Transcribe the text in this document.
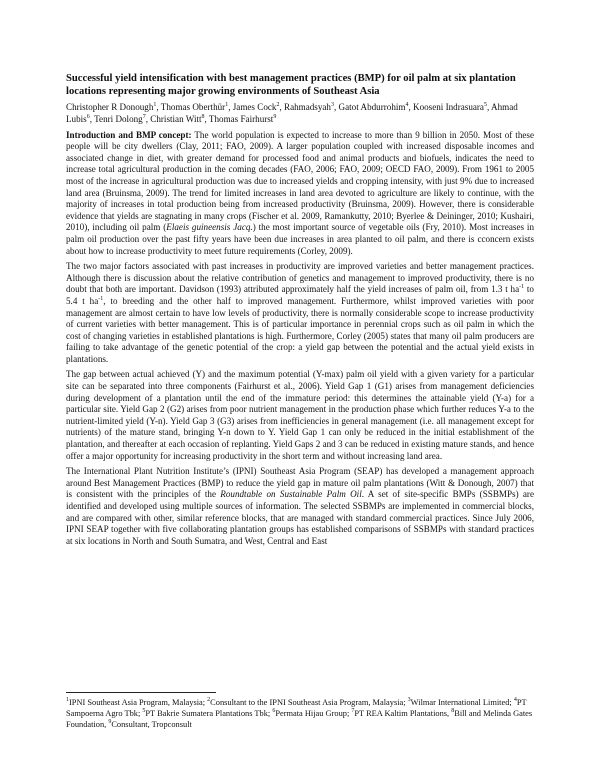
Successful yield intensification with best management practices (BMP) for oil palm at six plantation locations representing major growing environments of Southeast Asia
Christopher R Donough$^1$, Thomas Oberthür$^1$, James Cock$^2$, Rahmadsyah$^3$, Gatot Abdurrohim$^4$, Kooseni Indrasuara$^5$, Ahmad Lubis$^6$, Tenri Dolong$^7$, Christian Witt$^8$, Thomas Fairhurst$^9$

Introduction and BMP concept: The world population is expected to increase to more than 9 billion in 2050. Most of these people will be city dwellers (Clay, 2011; FAO, 2009). A larger population coupled with increased disposable incomes and associated change in diet, with greater demand for processed food and animal products and biofuels, indicates the need to increase total agricultural production in the coming decades (FAO, 2006; FAO, 2009; OECD FAO, 2009). From 1961 to 2005 most of the increase in agricultural production was due to increased yields and cropping intensity, with just 9% due to increased land area (Bruinsma, 2009). The trend for limited increases in land area devoted to agriculture are likely to continue, with the majority of increases in total production being from increased productivity (Bruinsma, 2009). However, there is considerable evidence that yields are stagnating in many crops (Fischer et al. 2009, Ramankutty, 2010; Byerlee & Deininger, 2010; Kushairi, 2010), including oil palm (Elaeis guineensis Jacq.) the most important source of vegetable oils (Fry, 2010). Most increases in palm oil production over the past fifty years have been due increases in area planted to oil palm, and there is cconcern exists about how to increase productivity to meet future requirements (Corley, 2009).

The two major factors associated with past increases in productivity are improved varieties and better management practices. Although there is discussion about the relative contribution of genetics and management to improved productivity, there is no doubt that both are important. Davidson (1993) attributed approximately half the yield increases of palm oil, from 1.3 t $ha^{-1}$ to 5.4 t $ha^{-1}$, to breeding and the other half to improved management. Furthermore, whilst improved varieties with poor management are almost certain to have low levels of productivity, there is normally considerable scope to increase productivity of current varieties with better management. This is of particular importance in perennial crops such as oil palm in which the cost of changing varieties in established plantations is high. Furthermore, Corley (2005) states that many oil palm producers are failing to take advantage of the genetic potential of the crop: a yield gap between the potential and the actual yield exists in plantations.

The gap between actual achieved (Y) and the maximum potential (Y-max) palm oil yield with a given variety for a particular site can be separated into three components (Fairhurst et al., 2006). Yield Gap 1 (G1) arises from management deficiencies during development of a plantation until the end of the immature period: this determines the attainable yield (Y-a) for a particular site. Yield Gap 2 (G2) arises from poor nutrient management in the production phase which further reduces Y-a to the nutrient-limited yield (Y-n). Yield Gap 3 (G3) arises from inefficiencies in general management (i.e. all management except for nutrients) of the mature stand, bringing Y-n down to Y. Yield Gap 1 can only be reduced in the initial establishment of the plantation, and thereafter at each occasion of replanting. Yield Gaps 2 and 3 can be reduced in existing mature stands, and hence offer a major opportunity for increasing productivity in the short term and without increasing land area.

The International Plant Nutrition Institute’s (IPNI) Southeast Asia Program (SEAP) has developed a management approach around Best Management Practices (BMP) to reduce the yield gap in mature oil palm plantations (Witt & Donough, 2007) that is consistent with the principles of the Roundtable on Sustainable Palm Oil. A set of site-specific BMPs (SSBMPs) are identified and developed using multiple sources of information. The selected SSBMPs are implemented in commercial blocks, and are compared with other, similar reference blocks, that are managed with standard commercial practices. Since July 2006, IPNI SEAP together with five collaborating plantation groups has established comparisons of SSBMPs with standard practices at six locations in North and South Sumatra, and West, Central and East

$^1$IPNI Southeast Asia Program, Malaysia; $^2$Consultant to the IPNI Southeast Asia Program, Malaysia; $^3$Wilmar International Limited; $^4$PT Sampoerna Agro Tbk; $^5$PT Bakrie Sumatera Plantations Tbk; $^6$Permata Hijau Group; $^7$PT REA Kaltim Plantations, $^8$Bill and Melinda Gates Foundation, $^9$Consultant, Tropconsult
